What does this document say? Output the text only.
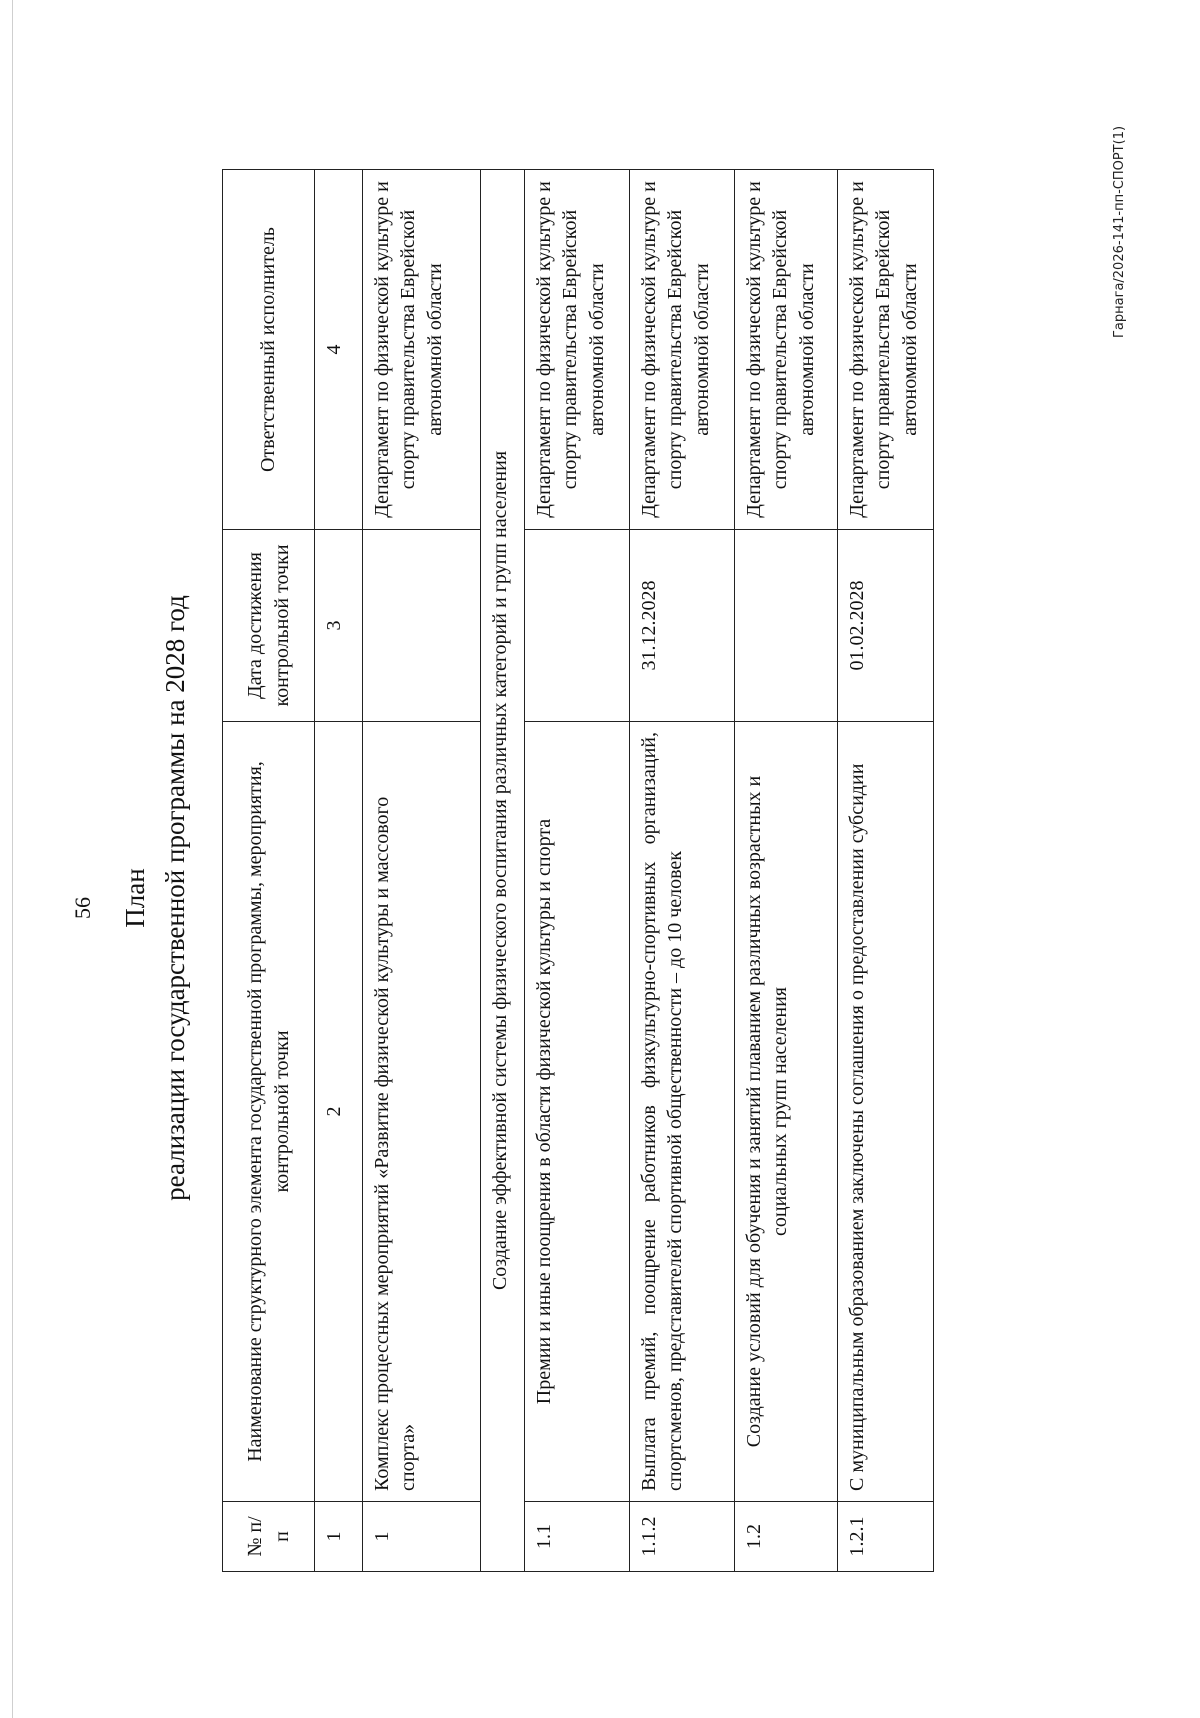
56 План реализации государственной программы на 2028 год
№ п/п	Наименование структурного элемента государственной программы, мероприятия, контрольной точки	Дата достижения контрольной точки	Ответственный исполнитель
1	2	3	4
1	Комплекс процессных мероприятий «Развитие физической культуры и массового спорта»		Департамент по физической культуре и спорту правительства Еврейской автономной области
Создание эффективной системы физического воспитания различных категорий и групп населения			
1.1	Премии и иные поощрения в области физической культуры и спорта		Департамент по физической культуре и спорту правительства Еврейской автономной области
1.1.2	Выплата премий, поощрение работников физкультурно-спортивных организаций, спортсменов, представителей спортивной общественности – до 10 человек	31.12.2028	Департамент по физической культуре и спорту правительства Еврейской автономной области
1.2	Создание условий для обучения и занятий плаванием различных возрастных и социальных групп населения		Департамент по физической культуре и спорту правительства Еврейской автономной области
1.2.1	С муниципальным образованием заключены соглашения о предоставлении субсидии	01.02.2028	Департамент по физической культуре и спорту правительства Еврейской автономной области
Гарнага/2026-141-пп-СПОРТ(1)
